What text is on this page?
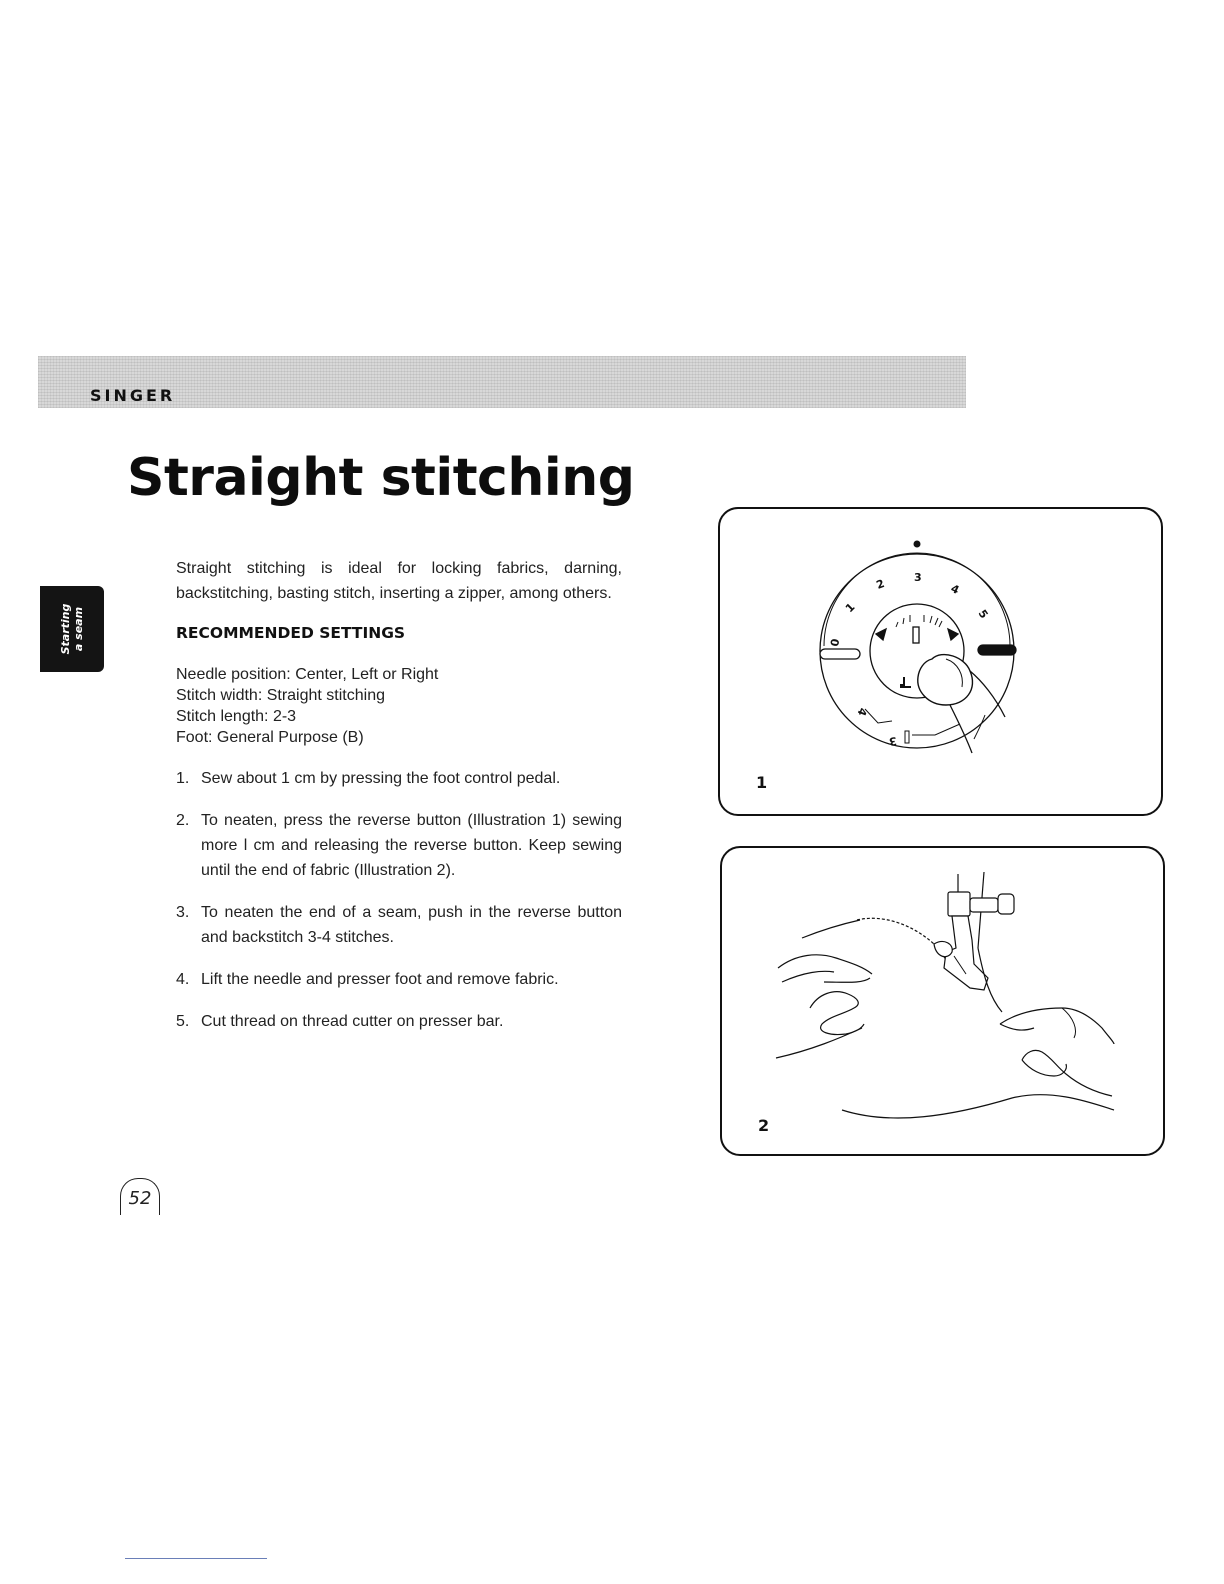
SINGER
Straight stitching
Starting a seam

Straight stitching is ideal for locking fabrics, darning, backstitching, basting stitch, inserting a zipper, among others.

RECOMMENDED SETTINGS
Needle position: Center, Left or Right
Stitch width: Straight stitching
Stitch length: 2-3
Foot: General Purpose (B)
1. Sew about 1 cm by pressing the foot control pedal.
2. To neaten, press the reverse button (Illustration 1) sewing more l cm and releasing the reverse button. Keep sewing until the end of fabric (Illustration 2).
3. To neaten the end of a seam, push in the reverse button and backstitch 3-4 stitches.
4. Lift the needle and presser foot and remove fabric.
5. Cut thread on thread cutter on presser bar.
0
1
2	3
4
5
4
3
1
2
52
